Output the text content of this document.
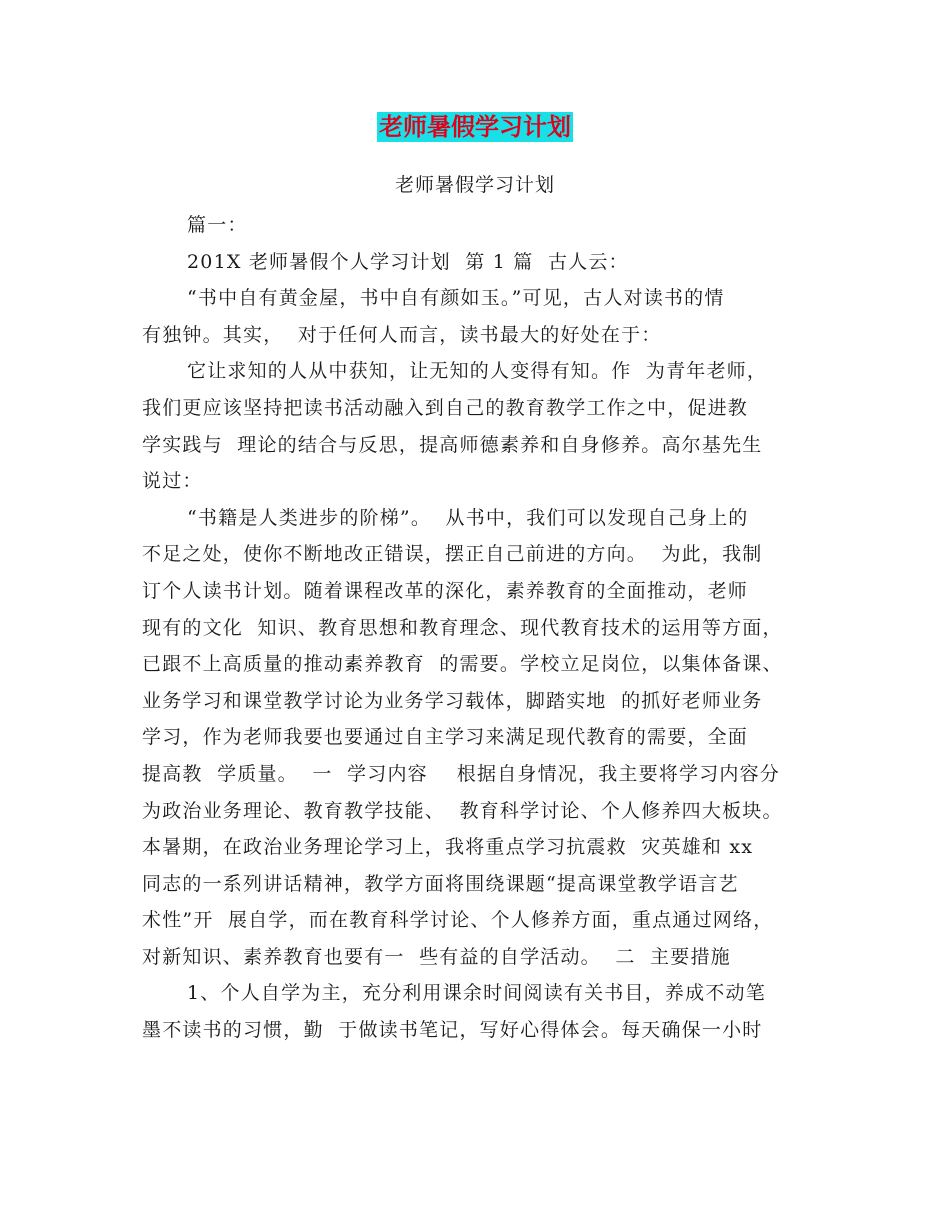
老师暑假学习计划
老师暑假学习计划
篇一：
201X 老师暑假个人学习计划  第 1 篇  古人云：
“书中自有黄金屋，书中自有颜如玉。”可见，古人对读书的情
有独钟。其实，  对于任何人而言，读书最大的好处在于：
它让求知的人从中获知，让无知的人变得有知。作  为青年老师，
我们更应该坚持把读书活动融入到自己的教育教学工作之中，促进教
学实践与  理论的结合与反思，提高师德素养和自身修养。高尔基先生
说过：
“书籍是人类进步的阶梯”。  从书中，我们可以发现自己身上的
不足之处，使你不断地改正错误，摆正自己前进的方向。  为此，我制
订个人读书计划。随着课程改革的深化，素养教育的全面推动，老师
现有的文化  知识、教育思想和教育理念、现代教育技术的运用等方面，
已跟不上高质量的推动素养教育  的需要。学校立足岗位，以集体备课、
业务学习和课堂教学讨论为业务学习载体，脚踏实地  的抓好老师业务
学习，作为老师我要也要通过自主学习来满足现代教育的需要，全面
提高教  学质量。  一  学习内容    根据自身情况，我主要将学习内容分
为政治业务理论、教育教学技能、  教育科学讨论、个人修养四大板块。
本暑期，在政治业务理论学习上，我将重点学习抗震救  灾英雄和 xx
同志的一系列讲话精神，教学方面将围绕课题“提高课堂教学语言艺
术性”开  展自学，而在教育科学讨论、个人修养方面，重点通过网络，
对新知识、素养教育也要有一  些有益的自学活动。  二  主要措施
1、个人自学为主，充分利用课余时间阅读有关书目，养成不动笔
墨不读书的习惯，勤  于做读书笔记，写好心得体会。每天确保一小时
